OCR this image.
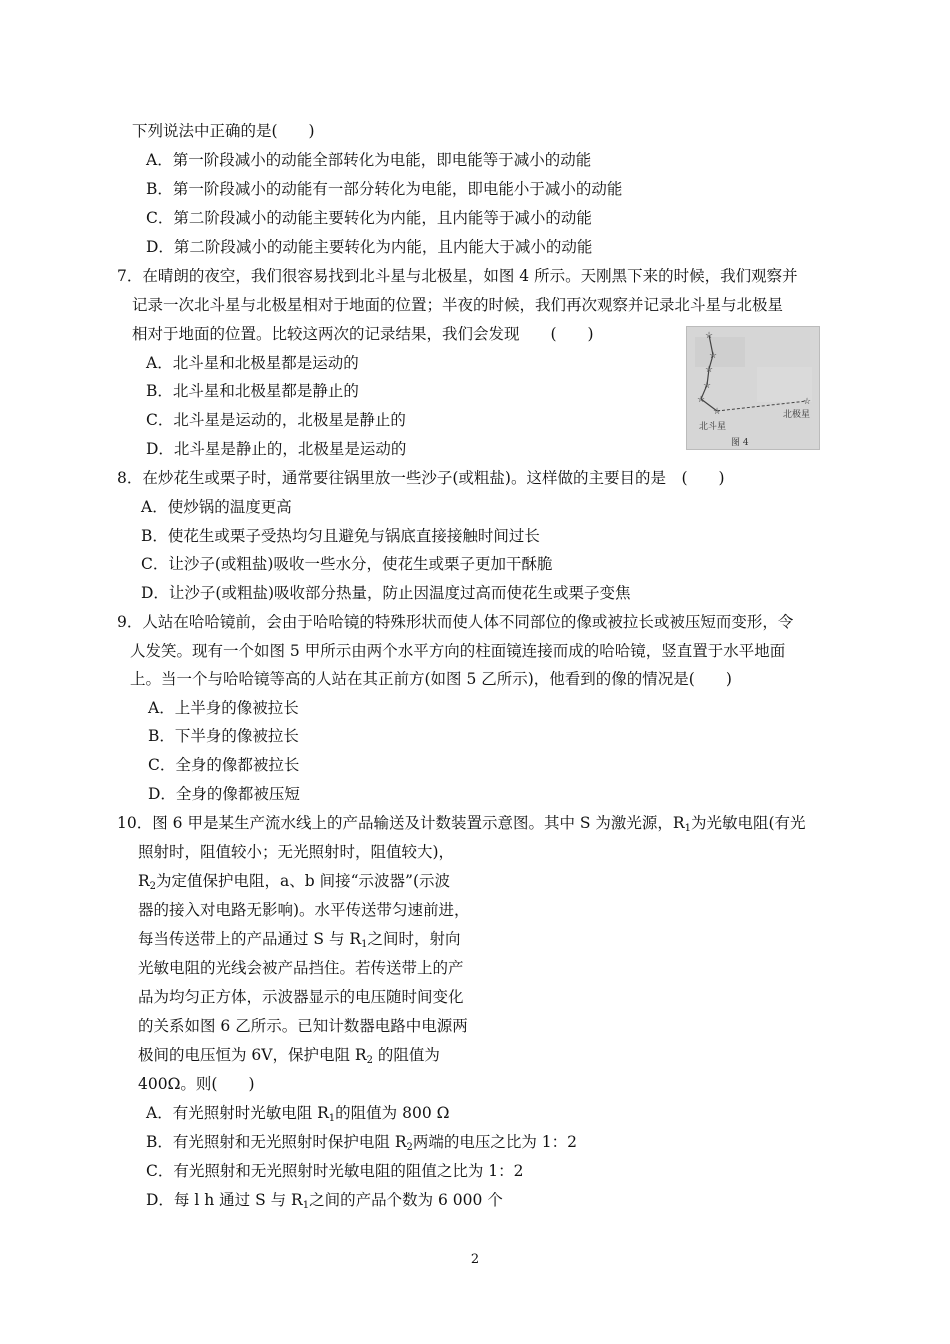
下列说法中正确的是(　　)
A．第一阶段减小的动能全部转化为电能，即电能等于减小的动能
B．第一阶段减小的动能有一部分转化为电能，即电能小于减小的动能
C．第二阶段减小的动能主要转化为内能，且内能等于减小的动能
D．第二阶段减小的动能主要转化为内能，且内能大于减小的动能
7．在晴朗的夜空，我们很容易找到北斗星与北极星，如图 4 所示。天刚黑下来的时候，我们观察并
记录一次北斗星与北极星相对于地面的位置；半夜的时候，我们再次观察并记录北斗星与北极星
相对于地面的位置。比较这两次的记录结果，我们会发现　　(　　)
A．北斗星和北极星都是运动的
B．北斗星和北极星都是静止的
C．北斗星是运动的，北极星是静止的
D．北斗星是静止的，北极星是运动的
☆
☆
☆
☆
☆
☆
☆
北斗星
北极星
图 4
8．在炒花生或栗子时，通常要往锅里放一些沙子(或粗盐)。这样做的主要目的是　(　　)
A．使炒锅的温度更高
B．使花生或栗子受热均匀且避免与锅底直接接触时间过长
C．让沙子(或粗盐)吸收一些水分，使花生或栗子更加干酥脆
D．让沙子(或粗盐)吸收部分热量，防止因温度过高而使花生或栗子变焦
9．人站在哈哈镜前，会由于哈哈镜的特殊形状而使人体不同部位的像或被拉长或被压短而变形，令
人发笑。现有一个如图 5 甲所示由两个水平方向的柱面镜连接而成的哈哈镜，竖直置于水平地面
上。当一个与哈哈镜等高的人站在其正前方(如图 5 乙所示)，他看到的像的情况是(　　)
A．上半身的像被拉长
B．下半身的像被拉长
C．全身的像都被拉长
D．全身的像都被压短
10．图 6 甲是某生产流水线上的产品输送及计数装置示意图。其中 S 为激光源，$R_1$为光敏电阻(有光
照射时，阻值较小；无光照射时，阻值较大)，
$R_2$为定值保护电阻，a、b 间接“示波器”(示波
器的接入对电路无影响)。水平传送带匀速前进，
每当传送带上的产品通过 S 与 $R_1$之间时，射向
光敏电阻的光线会被产品挡住。若传送带上的产
品为均匀正方体，示波器显示的电压随时间变化
的关系如图 6 乙所示。已知计数器电路中电源两
极间的电压恒为 6V，保护电阻 $R_2$ 的阻值为
400Ω。则(　　)
A．有光照射时光敏电阻 $R_1$的阻值为 800 Ω
B．有光照射和无光照射时保护电阻 $R_2$两端的电压之比为 1：2
C．有光照射和无光照射时光敏电阻的阻值之比为 1：2
D．每 l h 通过 S 与 $R_1$之间的产品个数为 6 000 个
2
